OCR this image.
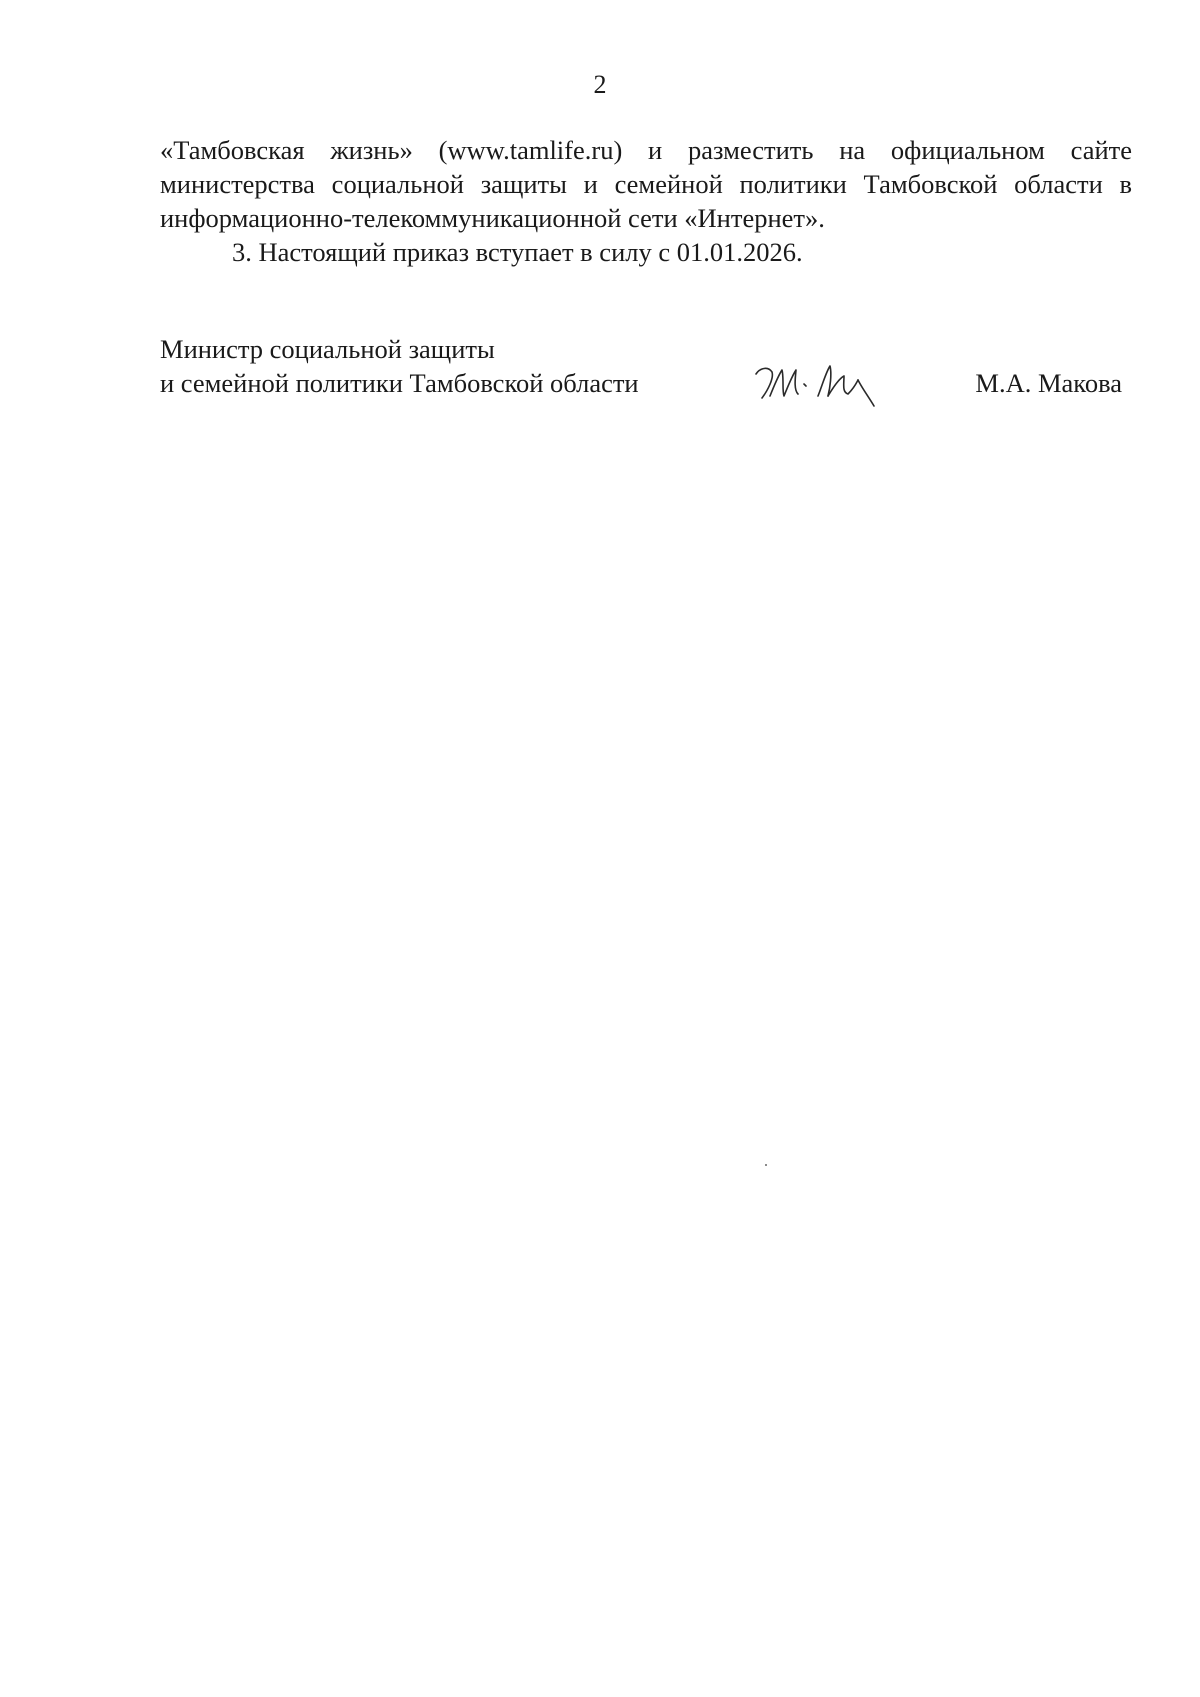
2

«Тамбовская жизнь» (www.tamlife.ru) и разместить на официальном сайте министерства социальной защиты и семейной политики Тамбовской области в информационно-телекоммуникационной сети «Интернет».

3. Настоящий приказ вступает в силу с 01.01.2026.

Министр социальной защиты
и семейной политики Тамбовской области	М.А. Макова
